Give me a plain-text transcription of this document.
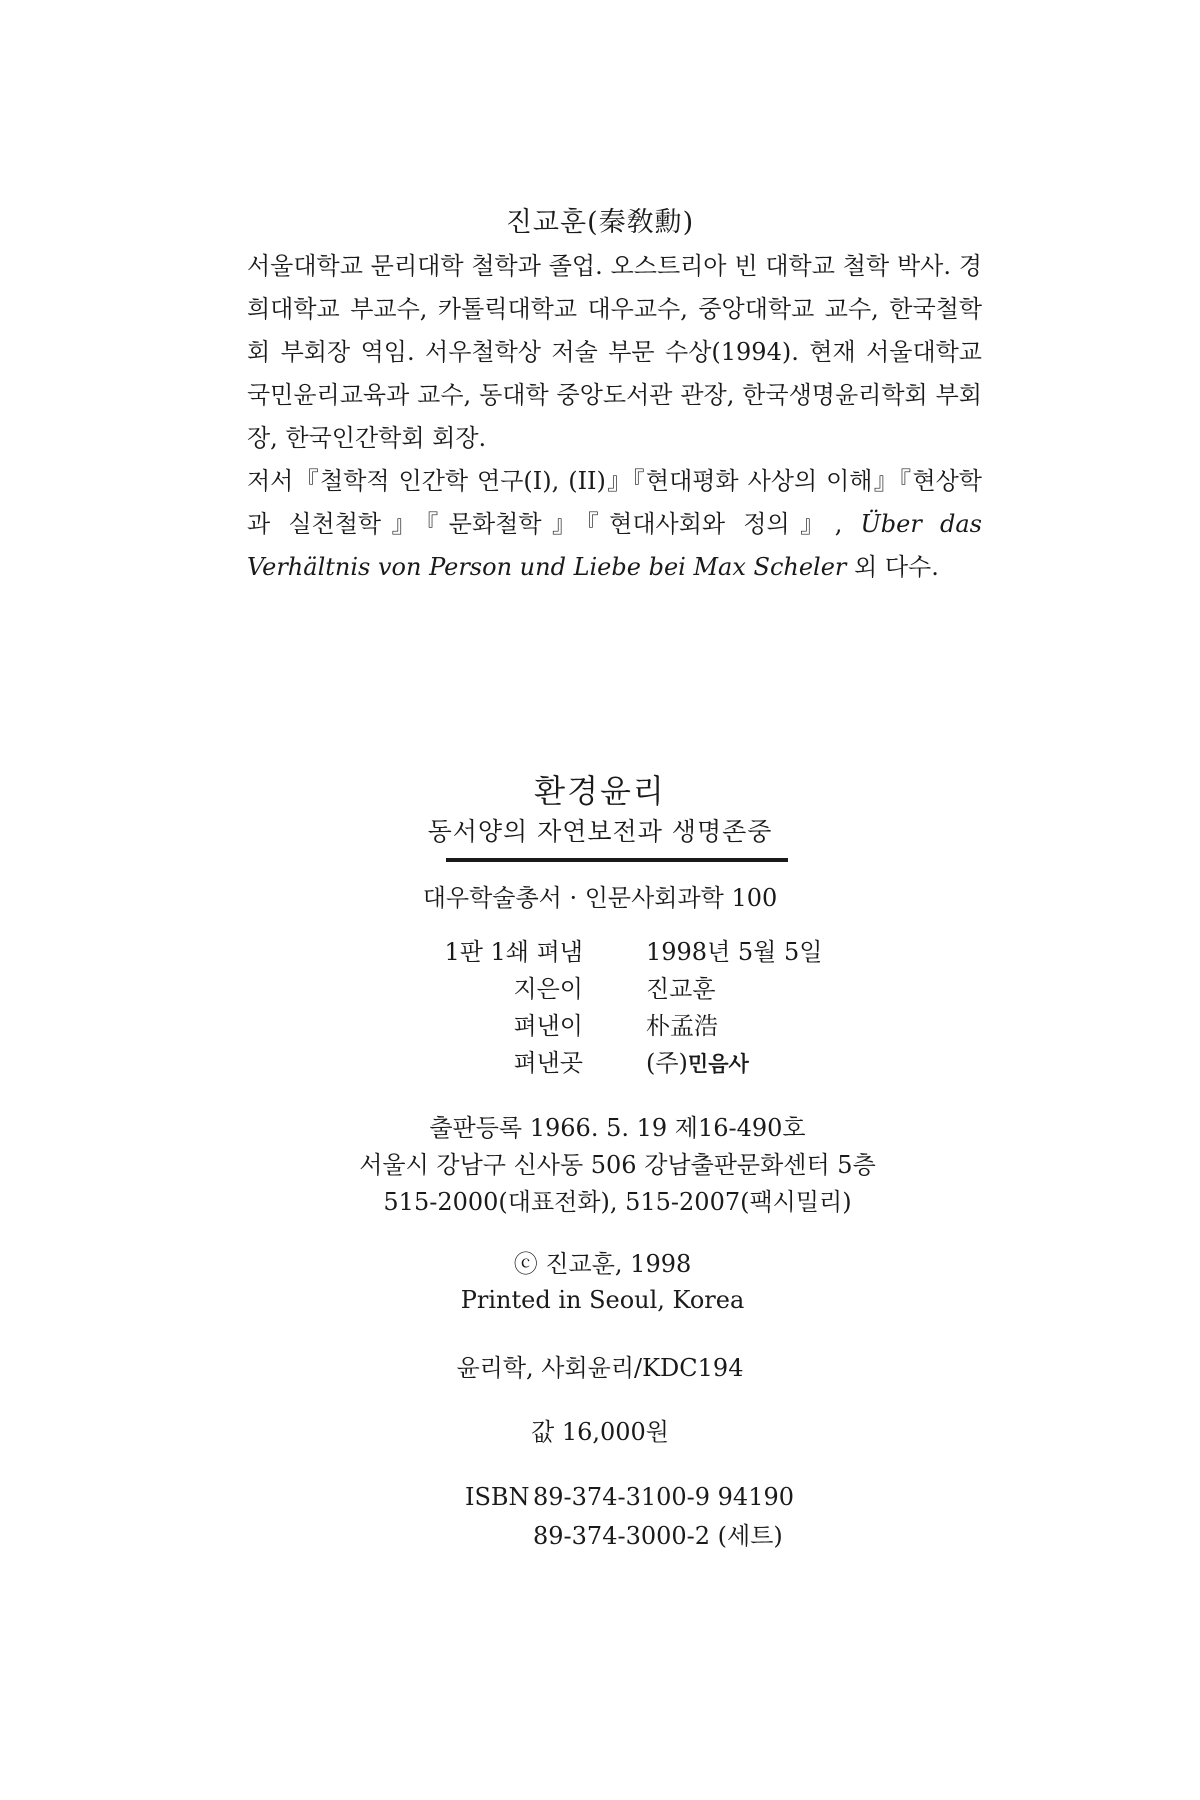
진교훈(秦敎勳)

서울대학교 문리대학 철학과 졸업. 오스트리아 빈 대학교 철학 박사. 경희대학교 부교수, 카톨릭대학교 대우교수, 중앙대학교 교수, 한국철학회 부회장 역임. 서우철학상 저술 부문 수상(1994). 현재 서울대학교 국민윤리교육과 교수, 동대학 중앙도서관 관장, 한국생명윤리학회 부회장, 한국인간학회 회장.

저서『철학적 인간학 연구(I), (II)』『현대평화 사상의 이해』『현상학과 실천철학』『문화철학』『현대사회와 정의』, Über das Verhältnis von Person und Liebe bei Max Scheler 외 다수.

환경윤리
동서양의 자연보전과 생명존중
대우학술총서 · 인문사회과학 100
1판 1쇄 펴냄	1998년 5월 5일
지은이	진교훈
펴낸이	朴孟浩
펴낸곳	(주)민음사
출판등록 1966. 5. 19 제16-490호
서울시 강남구 신사동 506 강남출판문화센터 5층
515-2000(대표전화), 515-2007(팩시밀리)
ⓒ 진교훈, 1998
Printed in Seoul, Korea
윤리학, 사회윤리/KDC194
값 16,000원
ISBN 89-374-3100-9 94190
89-374-3000-2 (세트)
